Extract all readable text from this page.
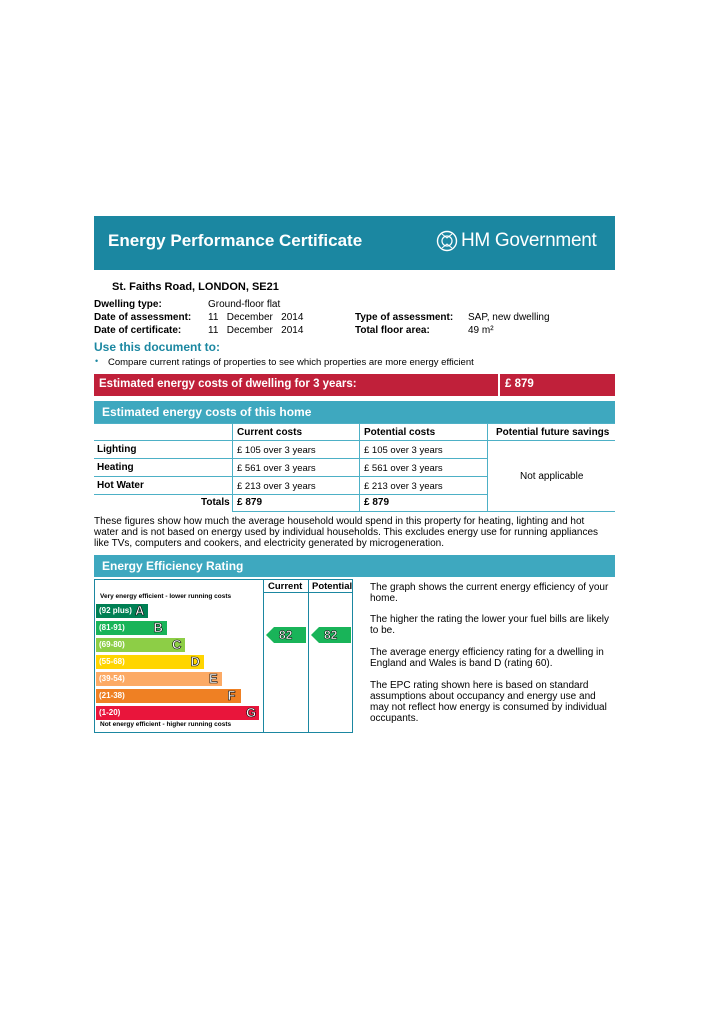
Energy Performance Certificate	HM Government
St. Faiths Road, LONDON, SE21
Dwelling type:	Ground-floor flat
Date of assessment: 11   December   2014
Date of certificate:	11   December   2014
Type of assessment: SAP, new dwelling
Total floor area:	49 m²
Use this document to:
• Compare current ratings of properties to see which properties are more energy efficient
Estimated energy costs of dwelling for 3 years:	£ 879
Estimated energy costs of this home
Current costs	Potential costs	Potential future savings
Lighting	£ 105 over 3 years	£ 105 over 3 years
Heating	£ 561 over 3 years	£ 561 over 3 years
Hot Water	£ 213 over 3 years	£ 213 over 3 years
Not applicable
Totals £ 879	£ 879
These figures show how much the average household would spend in this property for heating, lighting and hot
water and is not based on energy used by individual households. This excludes energy use for running appliances
like TVs, computers and cookers, and electricity generated by microgeneration.
Energy Efficiency Rating
Current Potential
Very energy efficient - lower running costs
Not energy efficient - higher running costs
(92 plus) A
(81-91) B
(69-80)	C
(55-68)	D
(39-54)	E
(21-38)	F
(1-20)	G
82	82
The graph shows the current energy efficiency of your home.
The higher the rating the lower your fuel bills are likely to be.
The average energy efficiency rating for a dwelling in England and Wales is band D (rating 60).
The EPC rating shown here is based on standard assumptions about occupancy and energy use and may not reflect how energy is consumed by individual occupants.
